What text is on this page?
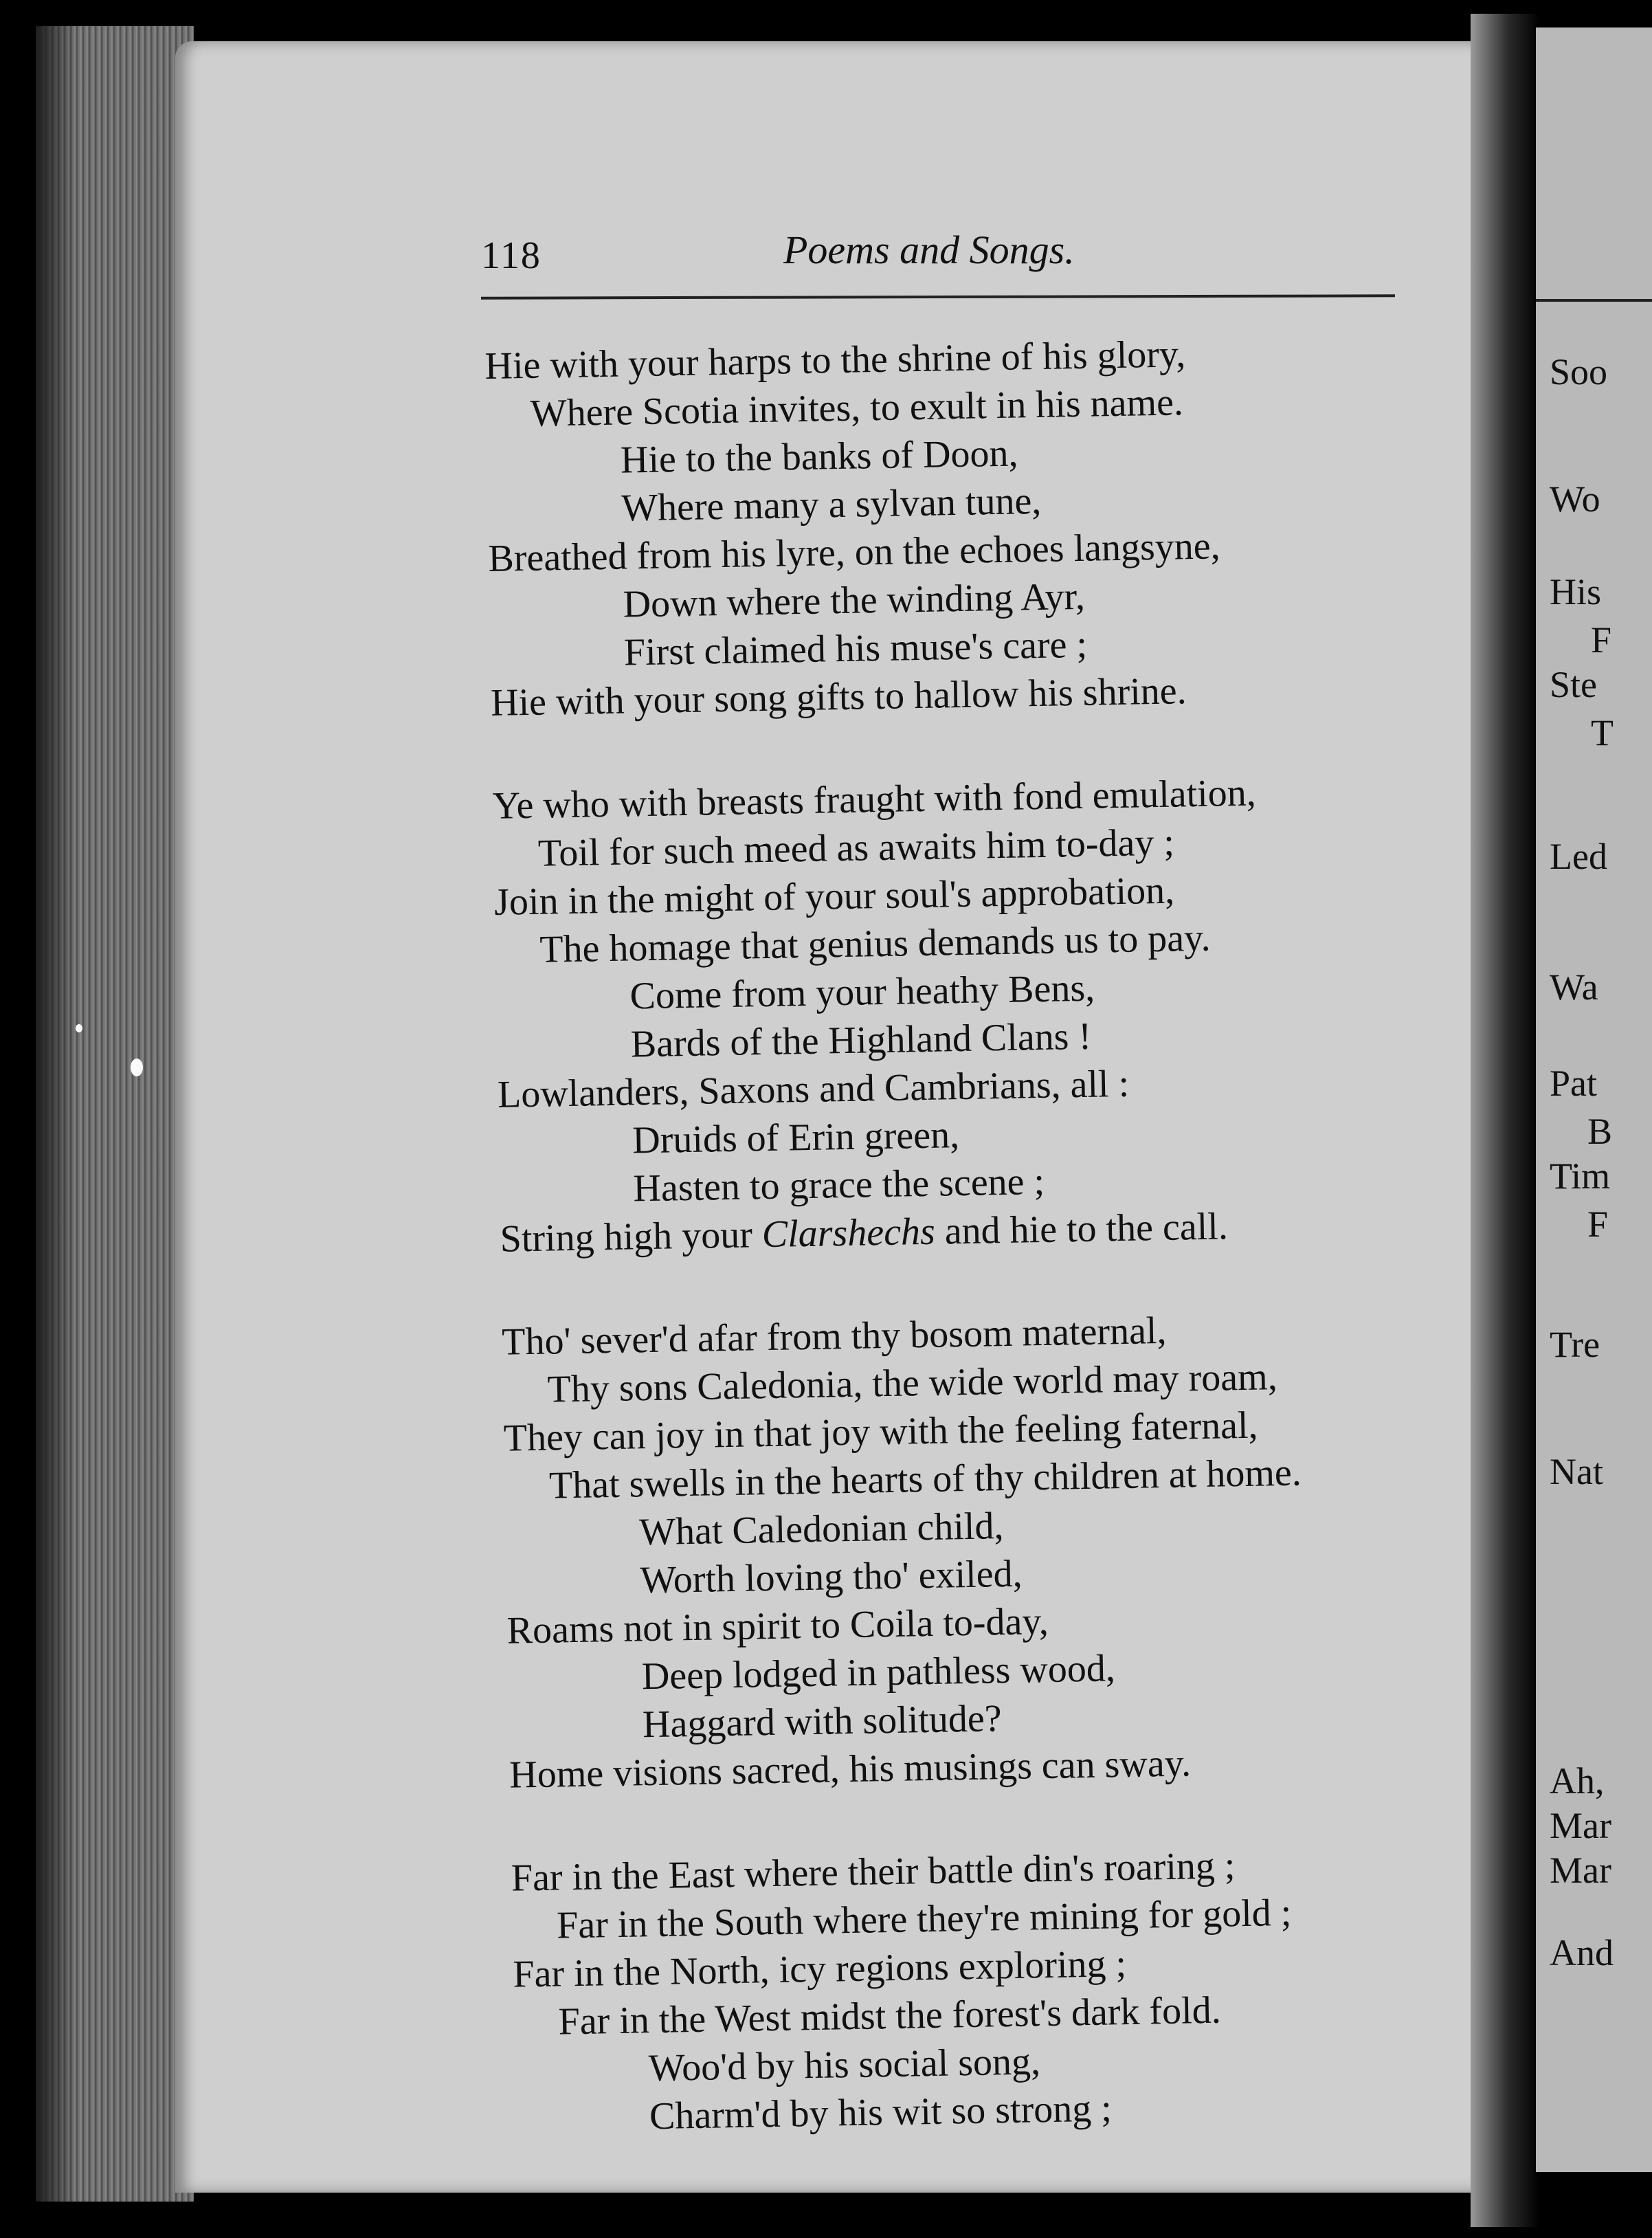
Soo
Wo
His
F
Ste
T
Led
Wa
Pat
B
Tim
F
Tre
Nat
Ah,
Mar
Mar
And
118	Poems and Songs.
Hie with your harps to the shrine of his glory,
Where Scotia invites, to exult in his name.
Hie to the banks of Doon,
Where many a sylvan tune,
Breathed from his lyre, on the echoes langsyne,
Down where the winding Ayr,
First claimed his muse's care ;
Hie with your song gifts to hallow his shrine.
Ye who with breasts fraught with fond emulation,
Toil for such meed as awaits him to-day ;
Join in the might of your soul's approbation,
The homage that genius demands us to pay.
Come from your heathy Bens,
Bards of the Highland Clans !
Lowlanders, Saxons and Cambrians, all :
Druids of Erin green,
Hasten to grace the scene ;
String high your Clarshechs and hie to the call.
Tho' sever'd afar from thy bosom maternal,
Thy sons Caledonia, the wide world may roam,
They can joy in that joy with the feeling faternal,
That swells in the hearts of thy children at home.
What Caledonian child,
Worth loving tho' exiled,
Roams not in spirit to Coila to-day,
Deep lodged in pathless wood,
Haggard with solitude?
Home visions sacred, his musings can sway.
Far in the East where their battle din's roaring ;
Far in the South where they're mining for gold ;
Far in the North, icy regions exploring ;
Far in the West midst the forest's dark fold.
Woo'd by his social song,
Charm'd by his wit so strong ;
